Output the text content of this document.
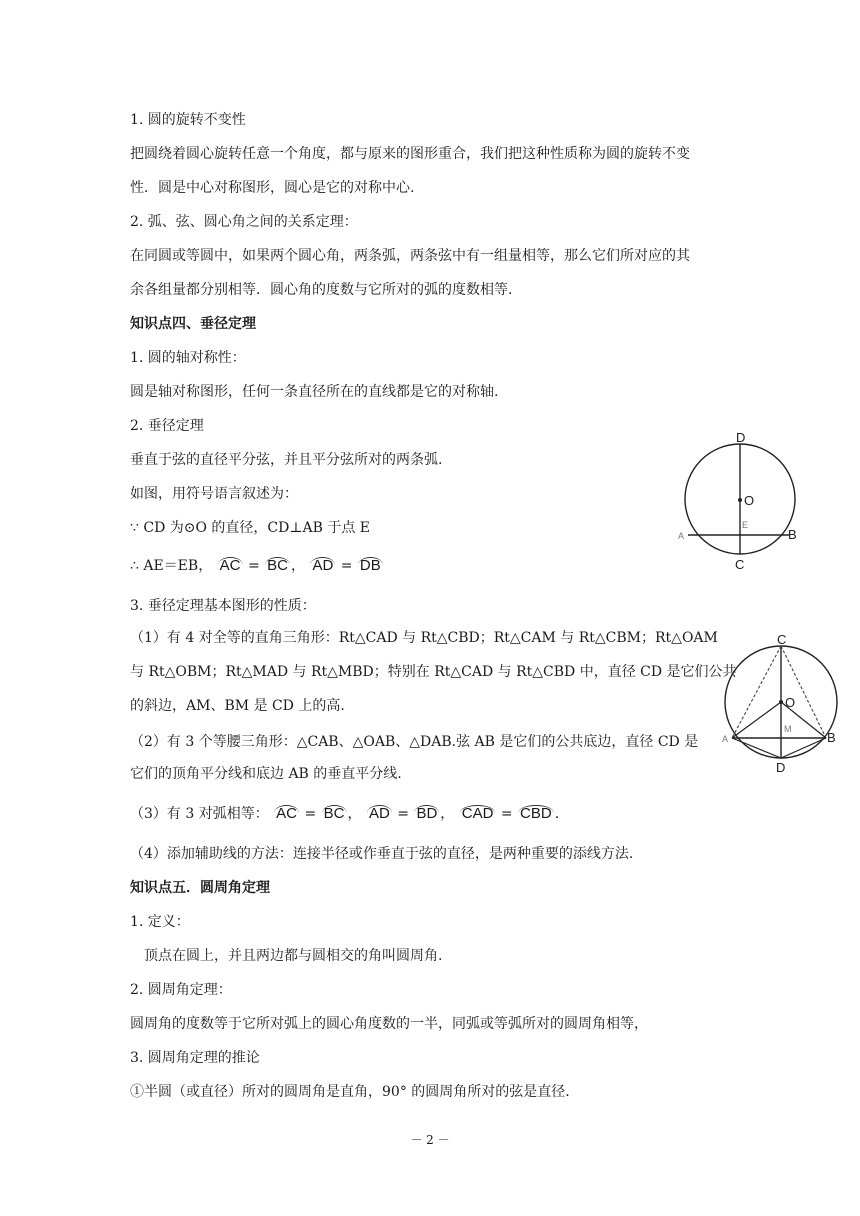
1. 圆的旋转不变性
把圆绕着圆心旋转任意一个角度，都与原来的图形重合，我们把这种性质称为圆的旋转不变
性．圆是中心对称图形，圆心是它的对称中心.
2. 弧、弦、圆心角之间的关系定理：
在同圆或等圆中，如果两个圆心角，两条弧，两条弦中有一组量相等，那么它们所对应的其
余各组量都分别相等．圆心角的度数与它所对的弧的度数相等.
知识点四、垂径定理
1. 圆的轴对称性：
圆是轴对称图形，任何一条直径所在的直线都是它的对称轴.
2. 垂径定理
垂直于弦的直径平分弦，并且平分弦所对的两条弧.
如图，用符号语言叙述为：
∵ CD 为⊙O 的直径，CD⊥AB 于点 E
∴ AE＝EB， AC = BC ， AD = DB
3. 垂径定理基本图形的性质：
（1）有 4 对全等的直角三角形：Rt△CAD 与 Rt△CBD；Rt△CAM 与 Rt△CBM；Rt△OAM
与 Rt△OBM；Rt△MAD 与 Rt△MBD；特别在 Rt△CAD 与 Rt△CBD 中，直径 CD 是它们公共
的斜边，AM、BM 是 CD 上的高.
（2）有 3 个等腰三角形：△CAB、△OAB、△DAB.弦 AB 是它们的公共底边，直径 CD 是
它们的顶角平分线和底边 AB 的垂直平分线.
（3）有 3 对弧相等： AC = BC ， AD = BD ， CAD = CBD .
（4）添加辅助线的方法：连接半径或作垂直于弦的直径，是两种重要的添线方法.
知识点五．圆周角定理
1. 定义：
顶点在圆上，并且两边都与圆相交的角叫圆周角.
2. 圆周角定理：
圆周角的度数等于它所对弧上的圆心角度数的一半，同弧或等弧所对的圆周角相等，
3. 圆周角定理的推论
①半圆（或直径）所对的圆周角是直角，90° 的圆周角所对的弦是直径.
D
O
E
A	B
C
C
O
M
A	B
D
－ 2 －
